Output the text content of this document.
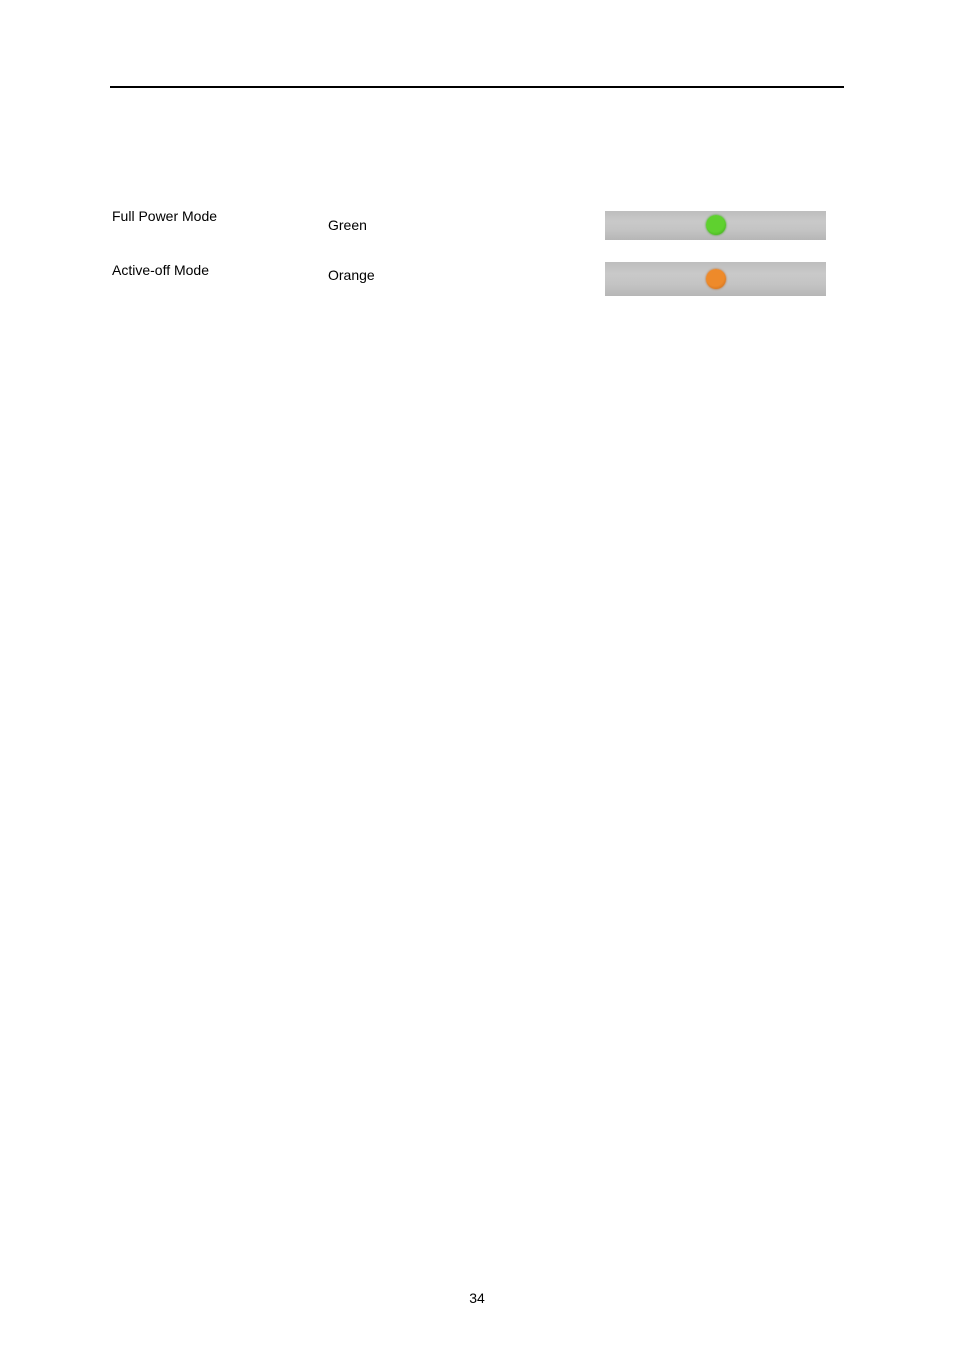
Full Power Mode
Green
Active-off Mode	Orange
34
